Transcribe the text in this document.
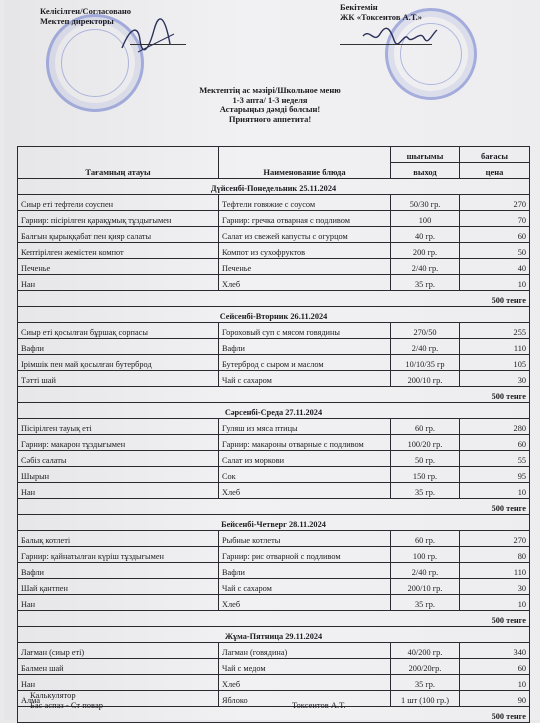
Келісілген/Согласовано
Мектеп директоры
Бекітемін
ЖК «Токсеитов А.Т.»
Мектептің ас мәзірі/Школьное меню
1-3 апта/ 1-3 неделя
Астарыңыз дәмді болсын!
Приятного аппетита!
Тағамның атауы	Наименование блюда	шығымы	бағасы
		выход	цена
Дүйсенбі-Понедельник 25.11.2024			
Сиыр еті тефтели соуспен	Тефтели говяжие с соусом	50/30 гр.	270
Гарнир: пісірілген қарақұмық тұздығымен	Гарнир: гречка отварная с подливом	100	70
Балғын қырыққабат пен қияр салаты	Салат из свежей капусты с огурцом	40 гр.	60
Кептірілген жемістен компот	Компот из сухофруктов	200 гр.	50
Печенье	Печенье	2/40 гр.	40
Нан	Хлеб	35 гр.	10
500 тенге			
Сейсенбі-Вторник 26.11.2024			
Сиыр еті қосылған бұршақ сорпасы	Гороховый суп с мясом говядины	270/50	255
Вафли	Вафли	2/40 гр.	110
Ірімшік пен май қосылған бутерброд	Бутерброд с сыром и маслом	10/10/35 гр	105
Тәтті шай	Чай с сахаром	200/10 гр.	30
500 тенге			
Сәрсенбі-Среда 27.11.2024			
Пісірілген тауық еті	Гуляш из мяса птицы	60 гр.	280
Гарнир: макарон тұздығымен	Гарнир: макароны отварные с подливом	100/20 гр.	60
Сәбіз салаты	Салат из моркови	50 гр.	55
Шырын	Сок	150 гр.	95
Нан	Хлеб	35 гр.	10
500 тенге			
Бейсенбі-Четверг 28.11.2024			
Балық котлеті	Рыбные котлеты	60 гр.	270
Гарнир: қайнатылған күріш тұздығымен	Гарнир: рис отварной с подливом	100 гр.	80
Вафли	Вафли	2/40 гр.	110
Шай қантпен	Чай с сахаром	200/10 гр.	30
Нан	Хлеб	35 гр.	10
500 тенге			
Жұма-Пятница 29.11.2024			
Лағман (сиыр еті)	Лагман (говядина)	40/200 гр.	340
Балмен шай	Чай с медом	200/20гр.	60
Нан	Хлеб	35 гр.	10
Алма	Яблоко	1 шт (100 гр.)	90
500 тенге			
Калькулятор
Бас аспаз - Ст повар	Токсеитов А.Т.
